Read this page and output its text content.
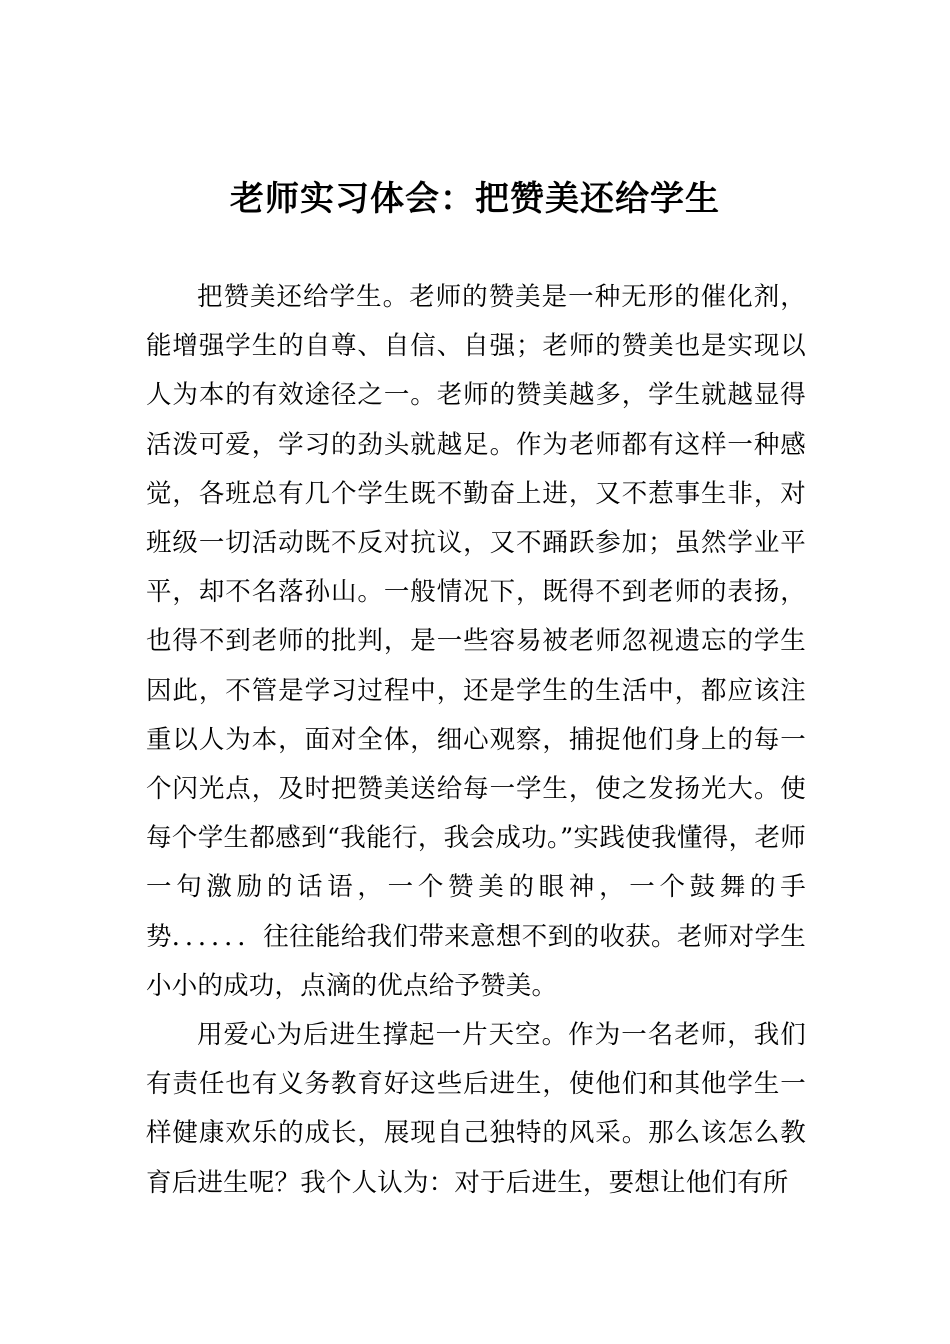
老师实习体会：把赞美还给学生

把赞美还给学生。老师的赞美是一种无形的催化剂，能增强学生的自尊、自信、自强；老师的赞美也是实现以人为本的有效途径之一。老师的赞美越多，学生就越显得活泼可爱，学习的劲头就越足。作为老师都有这样一种感觉，各班总有几个学生既不勤奋上进，又不惹事生非，对班级一切活动既不反对抗议，又不踊跃参加；虽然学业平平，却不名落孙山。一般情况下，既得不到老师的表扬，也得不到老师的批判，是一些容易被老师忽视遗忘的学生因此，不管是学习过程中，还是学生的生活中，都应该注重以人为本，面对全体，细心观察，捕捉他们身上的每一个闪光点，及时把赞美送给每一学生，使之发扬光大。使每个学生都感到“我能行，我会成功。”实践使我懂得，老师一句激励的话语，一个赞美的眼神，一个鼓舞的手势．．．．．．往往能给我们带来意想不到的收获。老师对学生小小的成功，点滴的优点给予赞美。

用爱心为后进生撑起一片天空。作为一名老师，我们有责任也有义务教育好这些后进生，使他们和其他学生一样健康欢乐的成长，展现自己独特的风采。那么该怎么教育后进生呢？我个人认为：对于后进生，要想让他们有所
